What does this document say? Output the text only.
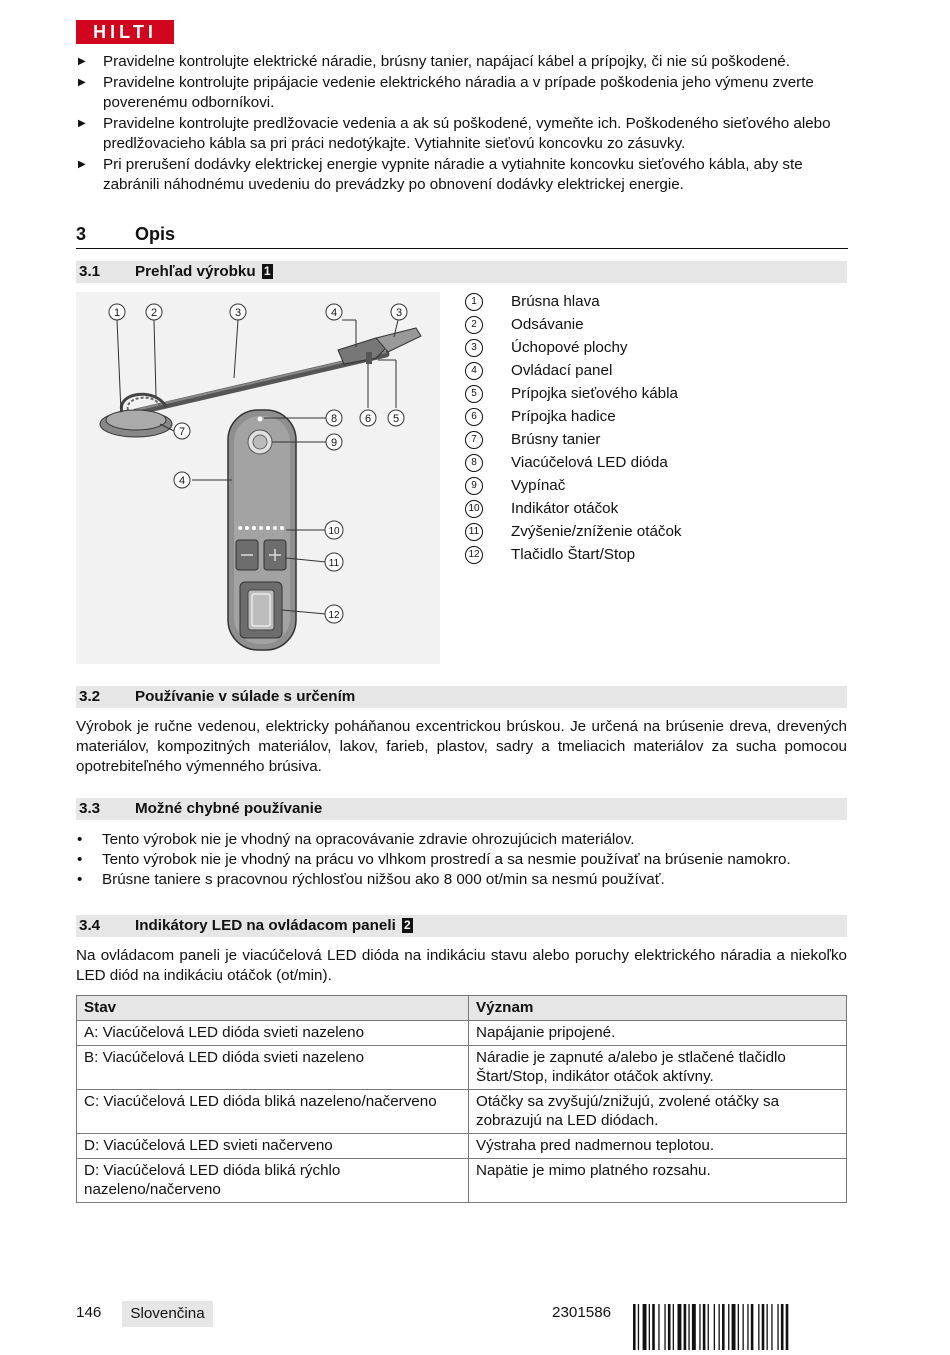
HILTI
▶ Pravidelne kontrolujte elektrické náradie, brúsny tanier, napájací kábel a prípojky, či nie sú poškodené.
▶ Pravidelne kontrolujte pripájacie vedenie elektrického náradia a v prípade poškodenia jeho výmenu zverte poverenému odborníkovi.
▶ Pravidelne kontrolujte predlžovacie vedenia a ak sú poškodené, vymeňte ich. Poškodeného sieťového alebo predlžovacieho kábla sa pri práci nedotýkajte. Vytiahnite sieťovú koncovku zo zásuvky.
▶ Pri prerušení dodávky elektrickej energie vypnite náradie a vytiahnite koncovku sieťového kábla, aby ste zabránili náhodnému uvedeniu do prevádzky po obnovení dodávky elektrickej energie.
3	Opis
3.1 Prehľad výrobku 1
1	2	3	4	3
8	6 5
7
9
4
10
11
12
1	Brúsna hlava
2	Odsávanie
3	Úchopové plochy
4	Ovládací panel
5	Prípojka sieťového kábla
6	Prípojka hadice
7	Brúsny tanier
8	Viacúčelová LED dióda
9	Vypínač
10 Indikátor otáčok
11 Zvýšenie/zníženie otáčok
12 Tlačidlo Štart/Stop
3.2 Používanie v súlade s určením
Výrobok je ručne vedenou, elektricky poháňanou excentrickou brúskou. Je určená na brúsenie dreva, drevených materiálov, kompozitných materiálov, lakov, farieb, plastov, sadry a tmeliacich materiálov za sucha pomocou opotrebiteľného výmenného brúsiva.
3.3 Možné chybné používanie
• Tento výrobok nie je vhodný na opracovávanie zdravie ohrozujúcich materiálov.
• Tento výrobok nie je vhodný na prácu vo vlhkom prostredí a sa nesmie používať na brúsenie namokro.
• Brúsne taniere s pracovnou rýchlosťou nižšou ako 8 000 ot/min sa nesmú používať.
3.4 Indikátory LED na ovládacom paneli 2
Na ovládacom paneli je viacúčelová LED dióda na indikáciu stavu alebo poruchy elektrického náradia a niekoľko LED diód na indikáciu otáčok (ot/min).
Stav	Význam
A: Viacúčelová LED dióda svieti nazeleno	Napájanie pripojené.
B: Viacúčelová LED dióda svieti nazeleno	Náradie je zapnuté a/alebo je stlačené tlačidlo Štart/Stop, indikátor otáčok aktívny.
C: Viacúčelová LED dióda bliká nazeleno/načerveno	Otáčky sa zvyšujú/znižujú, zvolené otáčky sa zobrazujú na LED diódach.
D: Viacúčelová LED svieti načerveno	Výstraha pred nadmernou teplotou.
D: Viacúčelová LED dióda bliká rýchlo nazeleno/načerveno	Napätie je mimo platného rozsahu.
146	Slovenčina	2301586
